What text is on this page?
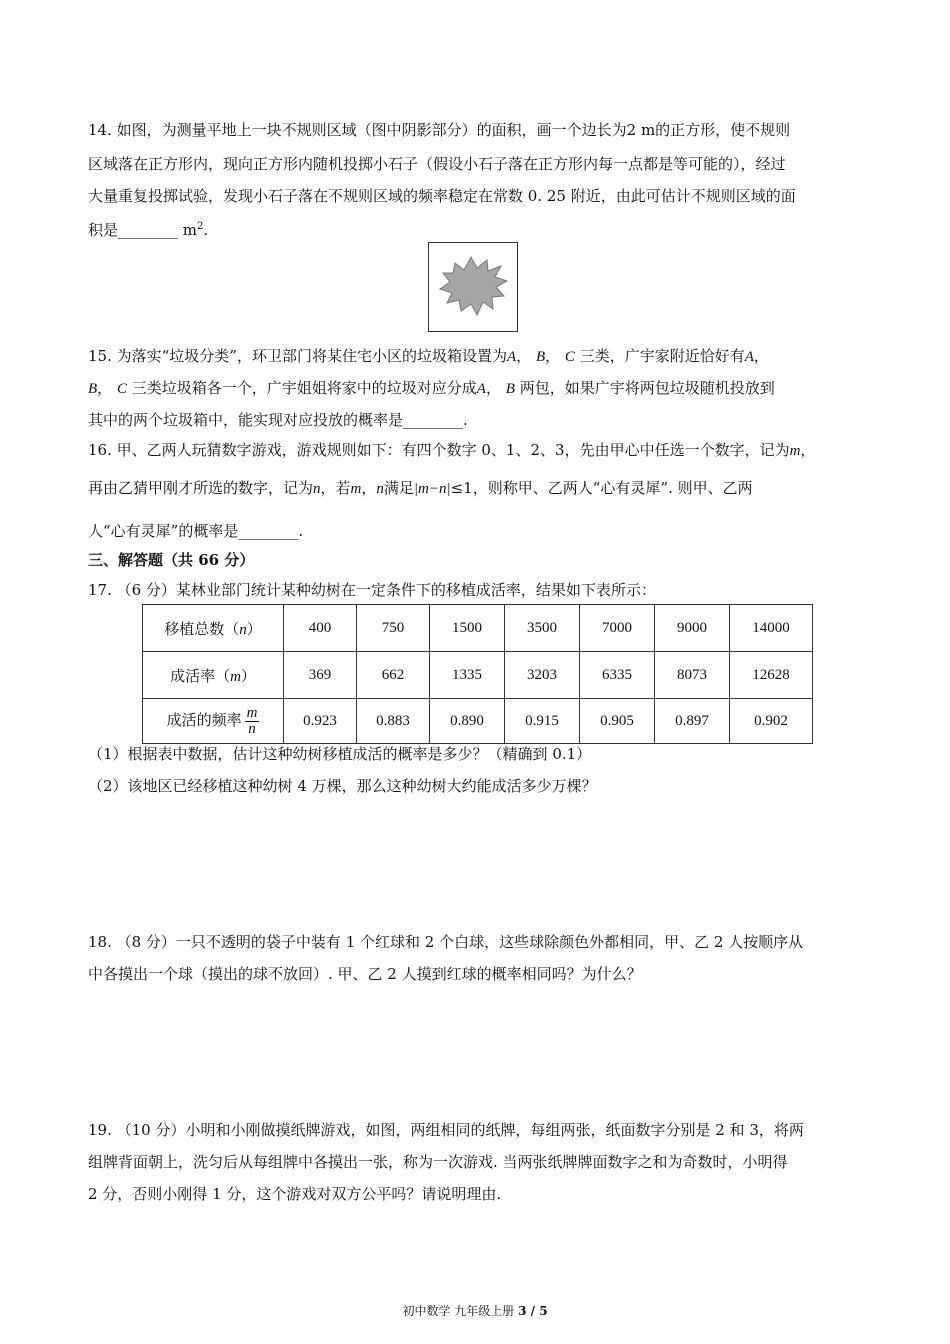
14. 如图，为测量平地上一块不规则区域（图中阴影部分）的面积，画一个边长为2 m的正方形，使不规则
区域落在正方形内，现向正方形内随机投掷小石子（假设小石子落在正方形内每一点都是等可能的），经过
大量重复投掷试验，发现小石子落在不规则区域的频率稳定在常数 0. 25 附近，由此可估计不规则区域的面
积是________ $m^2$.
15. 为落实“垃圾分类”，环卫部门将某住宅小区的垃圾箱设置为A， B， C 三类，广宇家附近恰好有A，
B， C 三类垃圾箱各一个，广宇姐姐将家中的垃圾对应分成A， B 两包，如果广宇将两包垃圾随机投放到
其中的两个垃圾箱中，能实现对应投放的概率是________.
16. 甲、乙两人玩猜数字游戏，游戏规则如下：有四个数字 0、1、2、3，先由甲心中任选一个数字，记为m，
再由乙猜甲刚才所选的数字，记为n，若m，n满足|m−n|≤1，则称甲、乙两人“心有灵犀”. 则甲、乙两
人“心有灵犀”的概率是________.
三、解答题（共 66 分）
17. （6 分）某林业部门统计某种幼树在一定条件下的移植成活率，结果如下表所示：
移植总数（n）	400	750	1500	3500	7000	9000	14000
成活率（m）	369	662	1335	3203	6335	8073	12628
成活的频率 $\frac{m}{n}$	0.923	0.883	0.890	0.915	0.905	0.897	0.902
（1）根据表中数据，估计这种幼树移植成活的概率是多少？（精确到 0.1）
（2）该地区已经移植这种幼树 4 万棵，那么这种幼树大约能成活多少万棵？
18. （8 分）一只不透明的袋子中装有 1 个红球和 2 个白球，这些球除颜色外都相同，甲、乙 2 人按顺序从
中各摸出一个球（摸出的球不放回）. 甲、乙 2 人摸到红球的概率相同吗？为什么？
19. （10 分）小明和小刚做摸纸牌游戏，如图，两组相同的纸牌，每组两张，纸面数字分别是 2 和 3，将两
组牌背面朝上，洗匀后从每组牌中各摸出一张，称为一次游戏. 当两张纸牌牌面数字之和为奇数时，小明得
2 分，否则小刚得 1 分，这个游戏对双方公平吗？请说明理由.
初中数学 九年级上册 3 / 5
